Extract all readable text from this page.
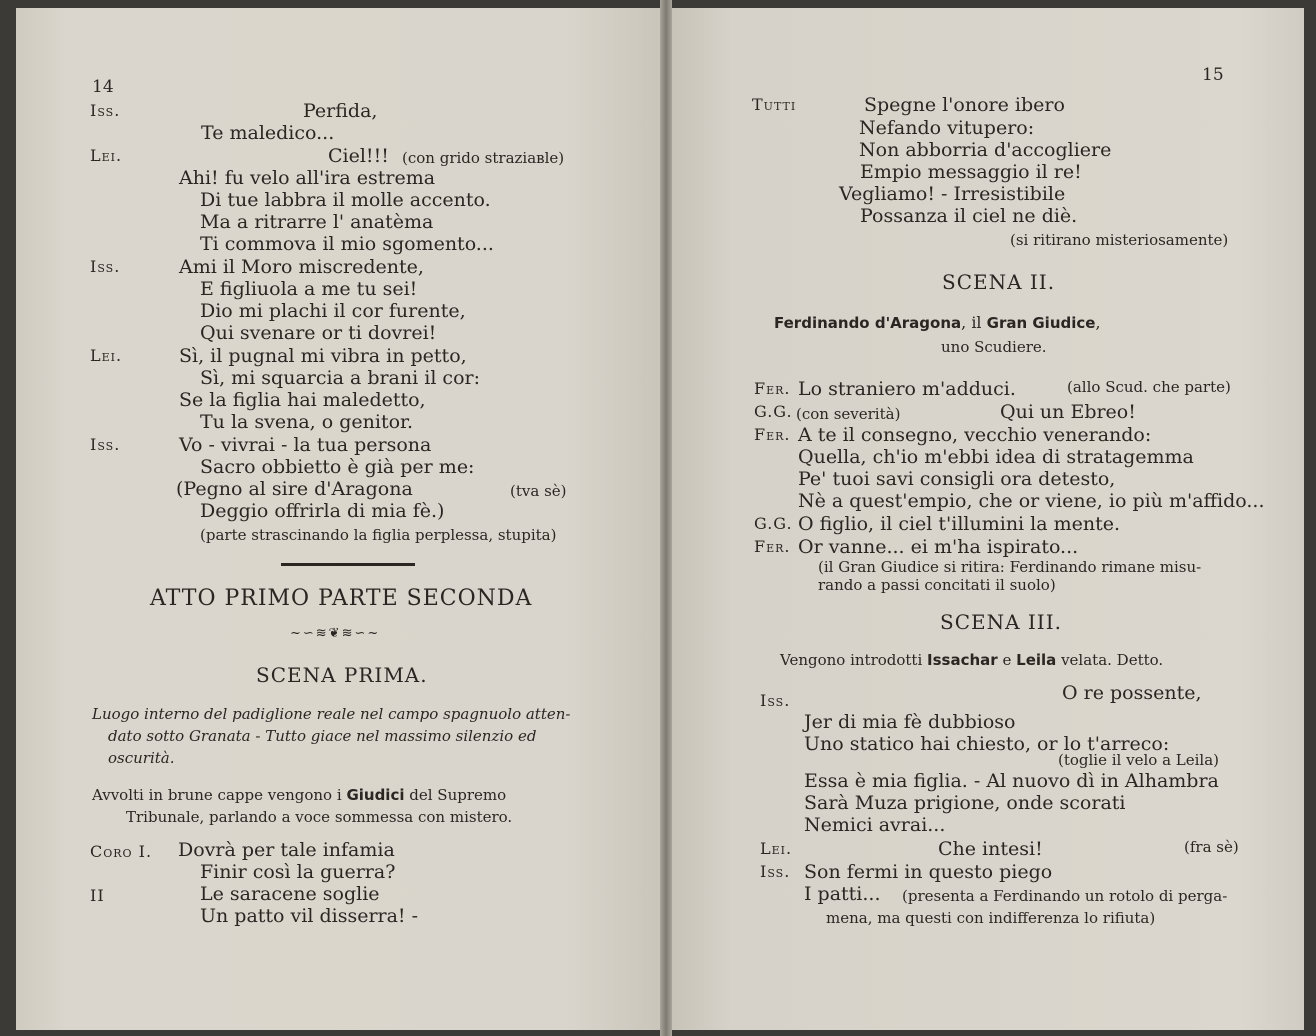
14
Iss.	Perfida,
Te maledico...
Lei.	Ciel!!! (con grido straziaвle)
Ahi! fu velo all'ira estrema
Di tue labbra il molle accento.
Ma a ritrarre l' anatèma
Ti commova il mio sgomento...
Iss.	Ami il Moro miscredente,
E figliuola a me tu sei!
Dio mi plachi il cor furente,
Qui svenare or ti dovrei!
Lei.	Sì, il pugnal mi vibra in petto,
Sì, mi squarcia a brani il cor:
Se la figlia hai maledetto,
Tu la svena, o genitor.
Iss.	Vo - vivrai - la tua persona
Sacro obbietto è già per me:
(Pegno al sire d'Aragona	(tva sè)
Deggio offrirla di mia fè.)
(parte strascinando la figlia perplessa, stupita)
15
Tutti	Spegne l'onore ibero
Nefando vitupero:
Non abborria d'accogliere
Empio messaggio il re!
Vegliamo! - Irresistibile
Possanza il ciel ne diè.
(si ritirano misteriosamente)
SCENA II.
Ferdinando d'Aragona, il Gran Giudice,
uno Scudiere.
Fer. Lo straniero m'adduci.	(allo Scud. che parte)
G.G. (con severità)	Qui un Ebreo!
Fer. A te il consegno, vecchio venerando:
Quella, ch'io m'ebbi idea di stratagemma
Pe' tuoi savi consigli ora detesto,
Nè a quest'empio, che or viene, io più m'affido...
G.G. O figlio, il ciel t'illumini la mente.
Fer. Or vanne... ei m'ha ispirato...
(il Gran Giudice si ritira: Ferdinando rimane misu-
rando a passi concitati il suolo)
SCENA III.
Vengono introdotti Issachar e Leila velata. Detto.
Iss.	O re possente,
Jer di mia fè dubbioso
Uno statico hai chiesto, or lo t'arreco:
(toglie il velo a Leila)
Essa è mia figlia. - Al nuovo dì in Alhambra
Sarà Muza prigione, onde scorati
Nemici avrai...
Lei.	Che intesi!	(fra sè)
Iss. Son fermi in questo piego
I patti... (presenta a Ferdinando un rotolo di perga-
mena, ma questi con indifferenza lo rifiuta)
ATTO PRIMO PARTE SECONDA
~∽≋❦≋∽~
SCENA PRIMA.
Luogo interno del padiglione reale nel campo spagnuolo atten-
dato sotto Granata - Tutto giace nel massimo silenzio ed
oscurità.
Avvolti in brune cappe vengono i Giudici del Supremo
Tribunale, parlando a voce sommessa con mistero.
Coro I. Dovrà per tale infamia
Finir così la guerra?
II	Le saracene soglie
Un patto vil disserra! -
